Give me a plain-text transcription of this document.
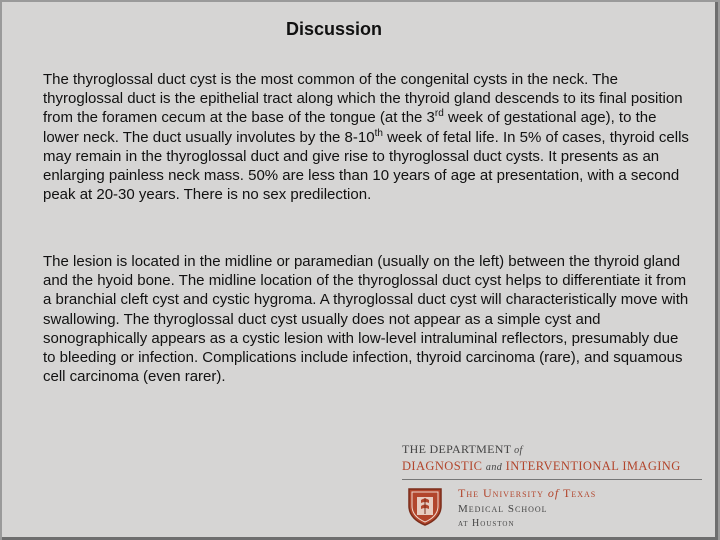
Discussion

The thyroglossal duct cyst is the most common of the congenital cysts in the neck. The thyroglossal duct is the epithelial tract along which the thyroid gland descends to its final position from the foramen cecum at the base of the tongue (at the 3rd week of gestational age), to the lower neck. The duct usually involutes by the 8-10th week of fetal life. In 5% of cases, thyroid cells may remain in the thyroglossal duct and give rise to thyroglossal duct cysts. It presents as an enlarging painless neck mass. 50% are less than 10 years of age at presentation, with a second peak at 20-30 years. There is no sex predilection.

The lesion is located in the midline or paramedian (usually on the left) between the thyroid gland and the hyoid bone. The midline location of the thyroglossal duct cyst helps to differentiate it from a branchial cleft cyst and cystic hygroma. A thyroglossal duct cyst will characteristically move with swallowing. The thyroglossal duct cyst usually does not appear as a simple cyst and sonographically appears as a cystic lesion with low-level intraluminal reflectors, presumably due to bleeding or infection. Complications include infection, thyroid carcinoma (rare), and squamous cell carcinoma (even rarer).

THE DEPARTMENT of
DIAGNOSTIC and INTERVENTIONAL IMAGING
The University of Texas
Medical School
at Houston
